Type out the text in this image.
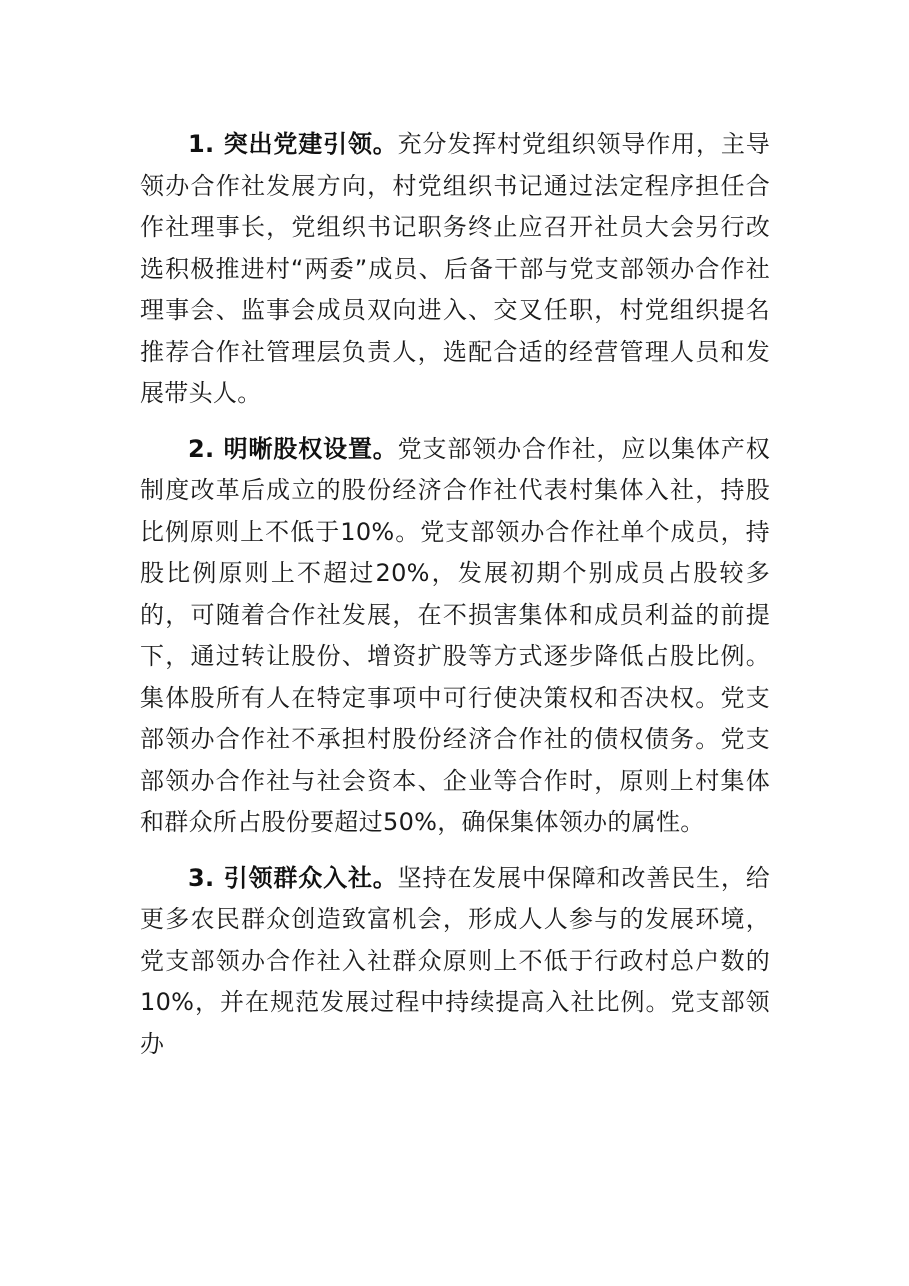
1. 突出党建引领。充分发挥村党组织领导作用，主导领办合作社发展方向，村党组织书记通过法定程序担任合作社理事长，党组织书记职务终止应召开社员大会另行改选积极推进村“两委”成员、后备干部与党支部领办合作社理事会、监事会成员双向进入、交叉任职，村党组织提名推荐合作社管理层负责人，选配合适的经营管理人员和发展带头人。

2. 明晰股权设置。党支部领办合作社，应以集体产权制度改革后成立的股份经济合作社代表村集体入社，持股比例原则上不低于10%。党支部领办合作社单个成员，持股比例原则上不超过20%，发展初期个别成员占股较多的，可随着合作社发展，在不损害集体和成员利益的前提下，通过转让股份、增资扩股等方式逐步降低占股比例。集体股所有人在特定事项中可行使决策权和否决权。党支部领办合作社不承担村股份经济合作社的债权债务。党支部领办合作社与社会资本、企业等合作时，原则上村集体和群众所占股份要超过50%，确保集体领办的属性。

3. 引领群众入社。坚持在发展中保障和改善民生，给更多农民群众创造致富机会，形成人人参与的发展环境，党支部领办合作社入社群众原则上不低于行政村总户数的10%，并在规范发展过程中持续提高入社比例。党支部领办
